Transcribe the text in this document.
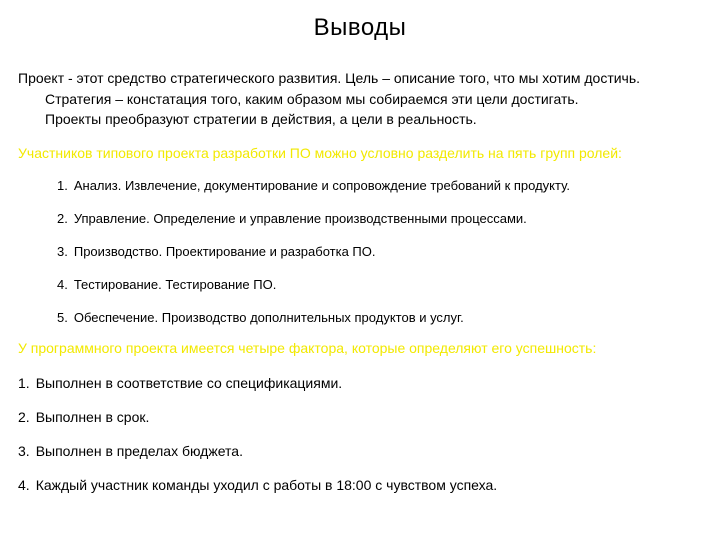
Выводы
Проект - этот средство стратегического развития. Цель – описание того, что мы хотим достичь.
Стратегия – констатация того, каким образом мы собираемся эти цели достигать.
Проекты преобразуют стратегии в действия, а цели в реальность.
Участников типового проекта разработки ПО можно условно разделить на пять групп ролей:
1. Анализ. Извлечение, документирование и сопровождение требований к продукту.
2. Управление. Определение и управление производственными процессами.
3. Производство. Проектирование и разработка ПО.
4. Тестирование. Тестирование ПО.
5. Обеспечение. Производство дополнительных продуктов и услуг.
У программного проекта имеется четыре фактора, которые определяют его успешность:
1. Выполнен в соответствие со спецификациями.
2. Выполнен в срок.
3. Выполнен в пределах бюджета.
4. Каждый участник команды уходил с работы в 18:00 с чувством успеха.
